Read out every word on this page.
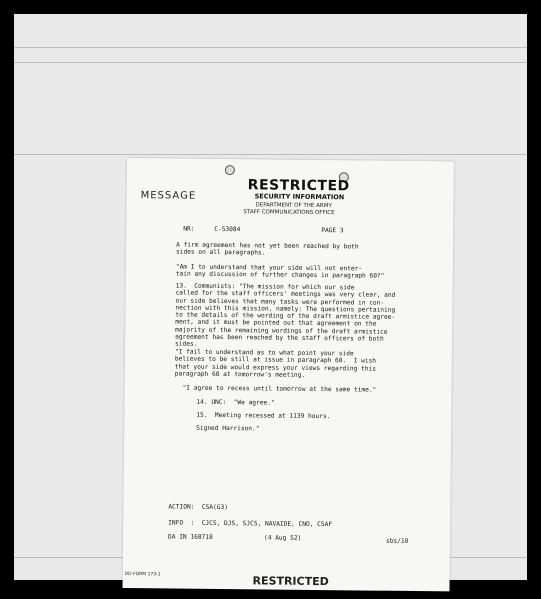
MESSAGE
RESTRICTED
SECURITY INFORMATION
DEPARTMENT OF THE ARMY
STAFF COMMUNICATIONS OFFICE
NR:	C-53084	PAGE 3
A firm agreement has not yet been reached by both
sides on all paragraphs.
"Am I to understand that your side will not enter-
tain any discussion of further changes in paragraph 60?"
13.  Communists: "The mission for which our side
called for the staff officers' meetings was very clear, and
our side believes that many tasks were performed in con-
nection with this mission, namely: The questions pertaining
to the details of the wording of the draft armistice agree-
ment, and it must be pointed out that agreement on the
majority of the remaining wordings of the draft armistice
agreement has been reached by the staff officers of both
sides.
"I fail to understand as to what point your side
believes to be still at issue in paragraph 60.  I wish
that your side would express your views regarding this
paragraph 60 at tomorrow's meeting.
"I agree to recess until tomorrow at the same time."
14. UNC:  "We agree."
15.  Meeting recessed at 1139 hours.
Signed Harrison."
ACTION:  CSA(G3)
INFO  :  CJCS, DJS, SJCS, NAVAIDE, CNO, CSAF
DA IN 168718	(4 Aug 52)	sbs/10
DD FORM 173-1	RESTRICTED
